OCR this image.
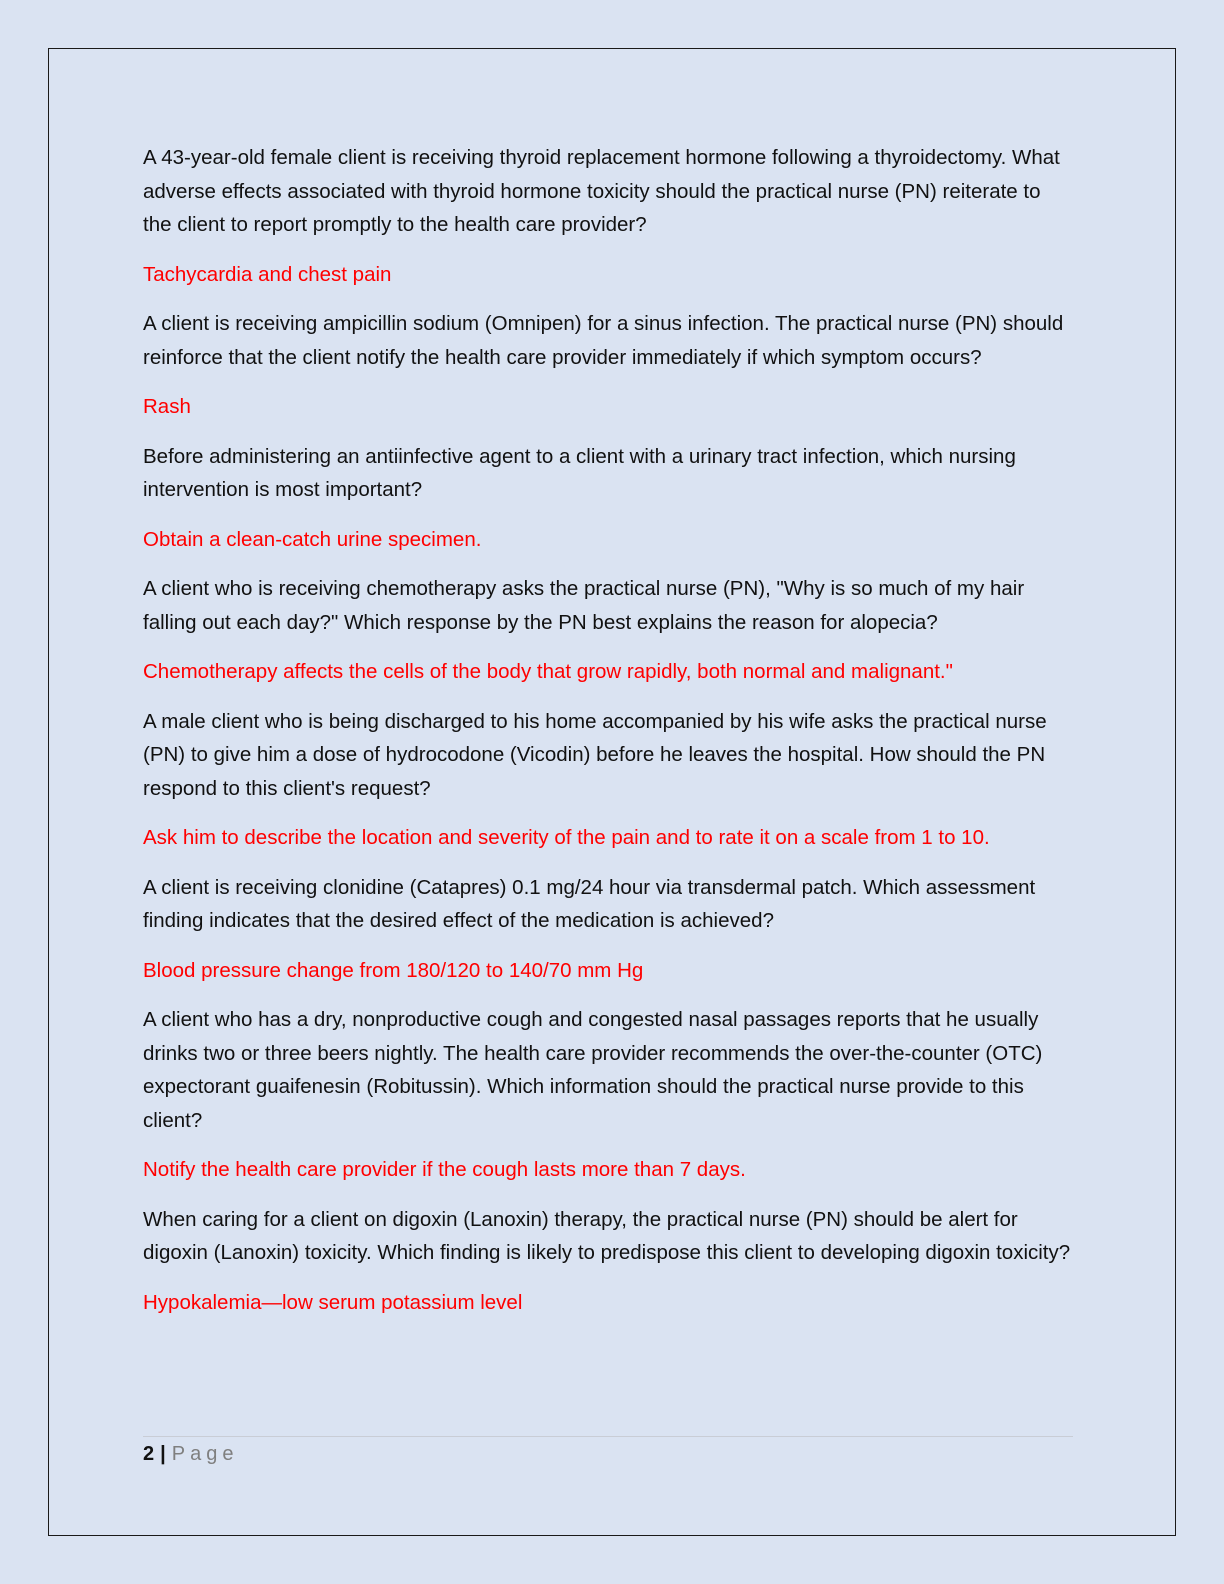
A 43-year-old female client is receiving thyroid replacement hormone following a thyroidectomy. What adverse effects associated with thyroid hormone toxicity should the practical nurse (PN) reiterate to the client to report promptly to the health care provider?

Tachycardia and chest pain

A client is receiving ampicillin sodium (Omnipen) for a sinus infection. The practical nurse (PN) should reinforce that the client notify the health care provider immediately if which symptom occurs?

Rash

Before administering an antiinfective agent to a client with a urinary tract infection, which nursing intervention is most important?

Obtain a clean-catch urine specimen.

A client who is receiving chemotherapy asks the practical nurse (PN), "Why is so much of my hair falling out each day?" Which response by the PN best explains the reason for alopecia?

Chemotherapy affects the cells of the body that grow rapidly, both normal and malignant."

A male client who is being discharged to his home accompanied by his wife asks the practical nurse (PN) to give him a dose of hydrocodone (Vicodin) before he leaves the hospital. How should the PN respond to this client's request?

Ask him to describe the location and severity of the pain and to rate it on a scale from 1 to 10.

A client is receiving clonidine (Catapres) 0.1 mg/24 hour via transdermal patch. Which assessment finding indicates that the desired effect of the medication is achieved?

Blood pressure change from 180/120 to 140/70 mm Hg

A client who has a dry, nonproductive cough and congested nasal passages reports that he usually drinks two or three beers nightly. The health care provider recommends the over-the-counter (OTC) expectorant guaifenesin (Robitussin). Which information should the practical nurse provide to this client?

Notify the health care provider if the cough lasts more than 7 days.

When caring for a client on digoxin (Lanoxin) therapy, the practical nurse (PN) should be alert for digoxin (Lanoxin) toxicity. Which finding is likely to predispose this client to developing digoxin toxicity?

Hypokalemia—low serum potassium level

2 | Page
